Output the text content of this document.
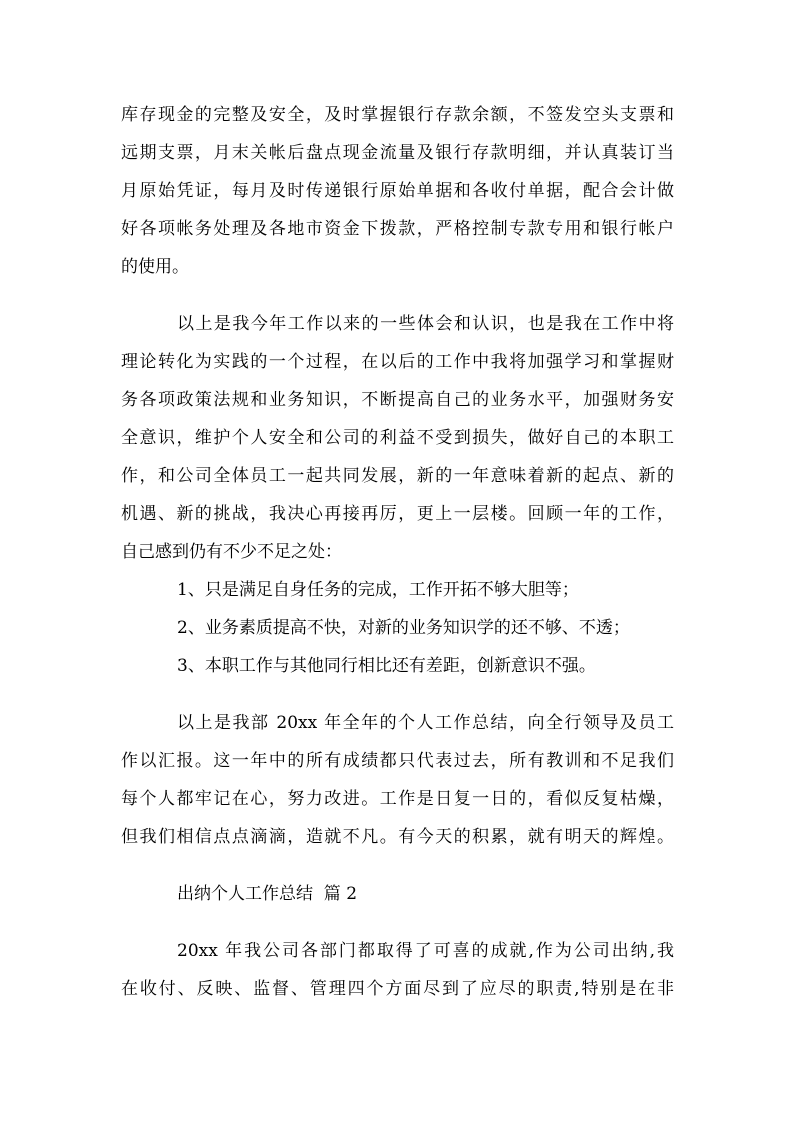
库存现金的完整及安全，及时掌握银行存款余额，不签发空头支票和
远期支票，月末关帐后盘点现金流量及银行存款明细，并认真装订当
月原始凭证，每月及时传递银行原始单据和各收付单据，配合会计做
好各项帐务处理及各地市资金下拨款，严格控制专款专用和银行帐户
的使用。
以上是我今年工作以来的一些体会和认识，也是我在工作中将
理论转化为实践的一个过程，在以后的工作中我将加强学习和掌握财
务各项政策法规和业务知识，不断提高自己的业务水平，加强财务安
全意识，维护个人安全和公司的利益不受到损失，做好自己的本职工
作，和公司全体员工一起共同发展，新的一年意味着新的起点、新的
机遇、新的挑战，我决心再接再厉，更上一层楼。回顾一年的工作，
自己感到仍有不少不足之处：
1、只是满足自身任务的完成，工作开拓不够大胆等；
2、业务素质提高不快，对新的业务知识学的还不够、不透；
3、本职工作与其他同行相比还有差距，创新意识不强。
以上是我部 20xx 年全年的个人工作总结，向全行领导及员工
作以汇报。这一年中的所有成绩都只代表过去，所有教训和不足我们
每个人都牢记在心，努力改进。工作是日复一日的，看似反复枯燥，
但我们相信点点滴滴，造就不凡。有今天的积累，就有明天的辉煌。
出纳个人工作总结  篇 2
20xx 年我公司各部门都取得了可喜的成就,作为公司出纳,我
在收付、反映、监督、管理四个方面尽到了应尽的职责,特别是在非
